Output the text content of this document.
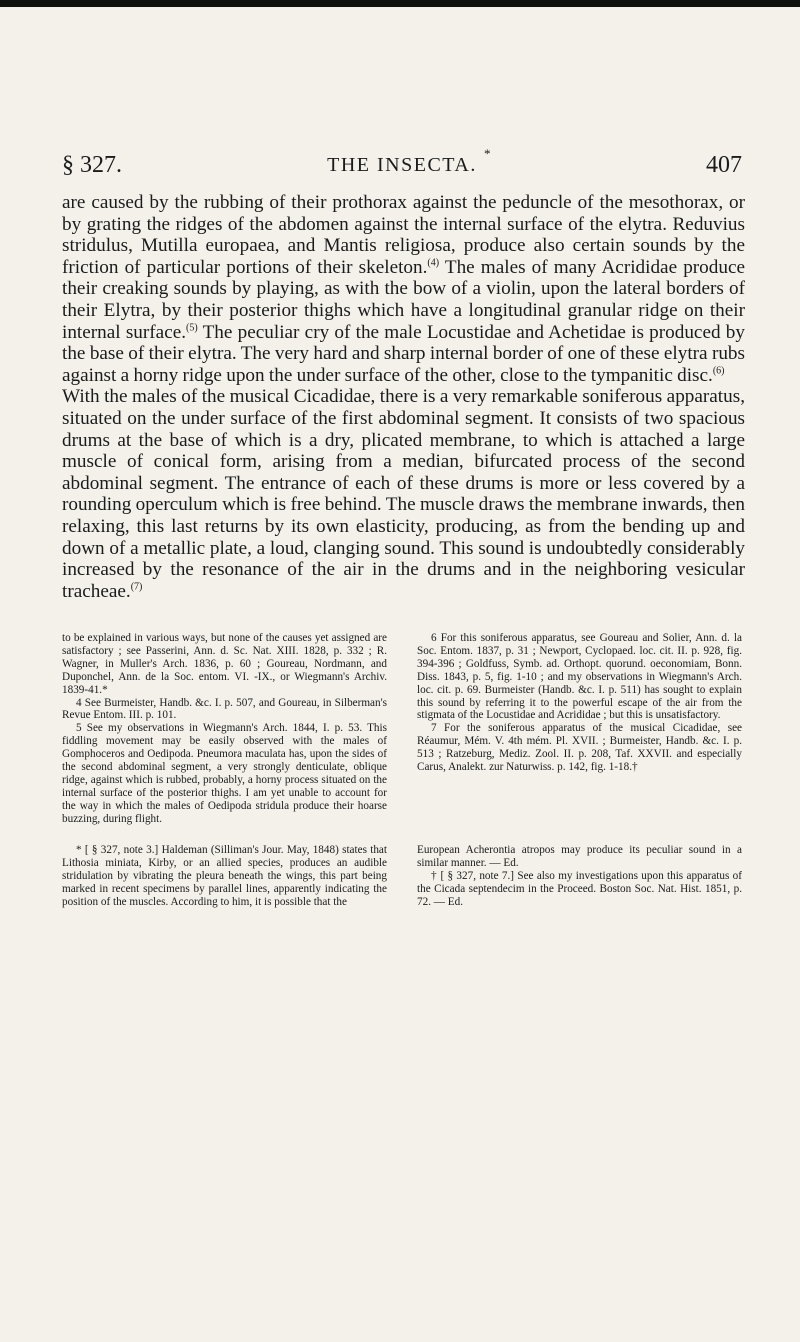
§ 327.	THE INSECTA.
*	407

are caused by the rubbing of their prothorax against the peduncle of the mesothorax, or by grating the ridges of the abdomen against the internal surface of the elytra. Reduvius stridulus, Mutilla europaea, and Mantis religiosa, produce also certain sounds by the friction of particular portions of their skeleton.$^{(4)}$ The males of many Acrididae produce their creaking sounds by playing, as with the bow of a violin, upon the lateral borders of their Elytra, by their posterior thighs which have a longitudinal granular ridge on their internal surface.$^{(5)}$ The peculiar cry of the male Locustidae and Achetidae is produced by the base of their elytra. The very hard and sharp internal border of one of these elytra rubs against a horny ridge upon the under surface of the other, close to the tympanitic disc.$^{(6)}$

With the males of the musical Cicadidae, there is a very remarkable soniferous apparatus, situated on the under surface of the first abdominal segment. It consists of two spacious drums at the base of which is a dry, plicated membrane, to which is attached a large muscle of conical form, arising from a median, bifurcated process of the second abdominal segment. The entrance of each of these drums is more or less covered by a rounding operculum which is free behind. The muscle draws the membrane inwards, then relaxing, this last returns by its own elasticity, producing, as from the bending up and down of a metallic plate, a loud, clanging sound. This sound is undoubtedly considerably increased by the resonance of the air in the drums and in the neighboring vesicular tracheae.$^{(7)}$

to be explained in various ways, but none of the causes yet assigned are satisfactory ; see Passerini, Ann. d. Sc. Nat. XIII. 1828, p. 332 ; R. Wagner, in Muller's Arch. 1836, p. 60 ; Goureau, Nordmann, and Duponchel, Ann. de la Soc. entom. VI. -IX., or Wiegmann's Archiv. 1839-41.*

4 See Burmeister, Handb. &c. I. p. 507, and Goureau, in Silberman's Revue Entom. III. p. 101.

5 See my observations in Wiegmann's Arch. 1844, I. p. 53. This fiddling movement may be easily observed with the males of Gomphoceros and Oedipoda. Pneumora maculata has, upon the sides of the second abdominal segment, a very strongly denticulate, oblique ridge, against which is rubbed, probably, a horny process situated on the internal surface of the posterior thighs. I am yet unable to account for the way in which the males of Oedipoda stridula produce their hoarse buzzing, during flight.

6 For this soniferous apparatus, see Goureau and Solier, Ann. d. la Soc. Entom. 1837, p. 31 ; Newport, Cyclopaed. loc. cit. II. p. 928, fig. 394-396 ; Goldfuss, Symb. ad. Orthopt. quorund. oeconomiam, Bonn. Diss. 1843, p. 5, fig. 1-10 ; and my observations in Wiegmann's Arch. loc. cit. p. 69. Burmeister (Handb. &c. I. p. 511) has sought to explain this sound by referring it to the powerful escape of the air from the stigmata of the Locustidae and Acrididae ; but this is unsatisfactory.

7 For the soniferous apparatus of the musical Cicadidae, see Réaumur, Mém. V. 4th mém. Pl. XVII. ; Burmeister, Handb. &c. I. p. 513 ; Ratzeburg, Mediz. Zool. II. p. 208, Taf. XXVII. and especially Carus, Analekt. zur Naturwiss. p. 142, fig. 1-18.†

* [ § 327, note 3.] Haldeman (Silliman's Jour. May, 1848) states that Lithosia miniata, Kirby, or an allied species, produces an audible stridulation by vibrating the pleura beneath the wings, this part being marked in recent specimens by parallel lines, apparently indicating the position of the muscles. According to him, it is possible that the

European Acherontia atropos may produce its peculiar sound in a similar manner. — Ed.

† [ § 327, note 7.] See also my investigations upon this apparatus of the Cicada septendecim in the Proceed. Boston Soc. Nat. Hist. 1851, p. 72. — Ed.
